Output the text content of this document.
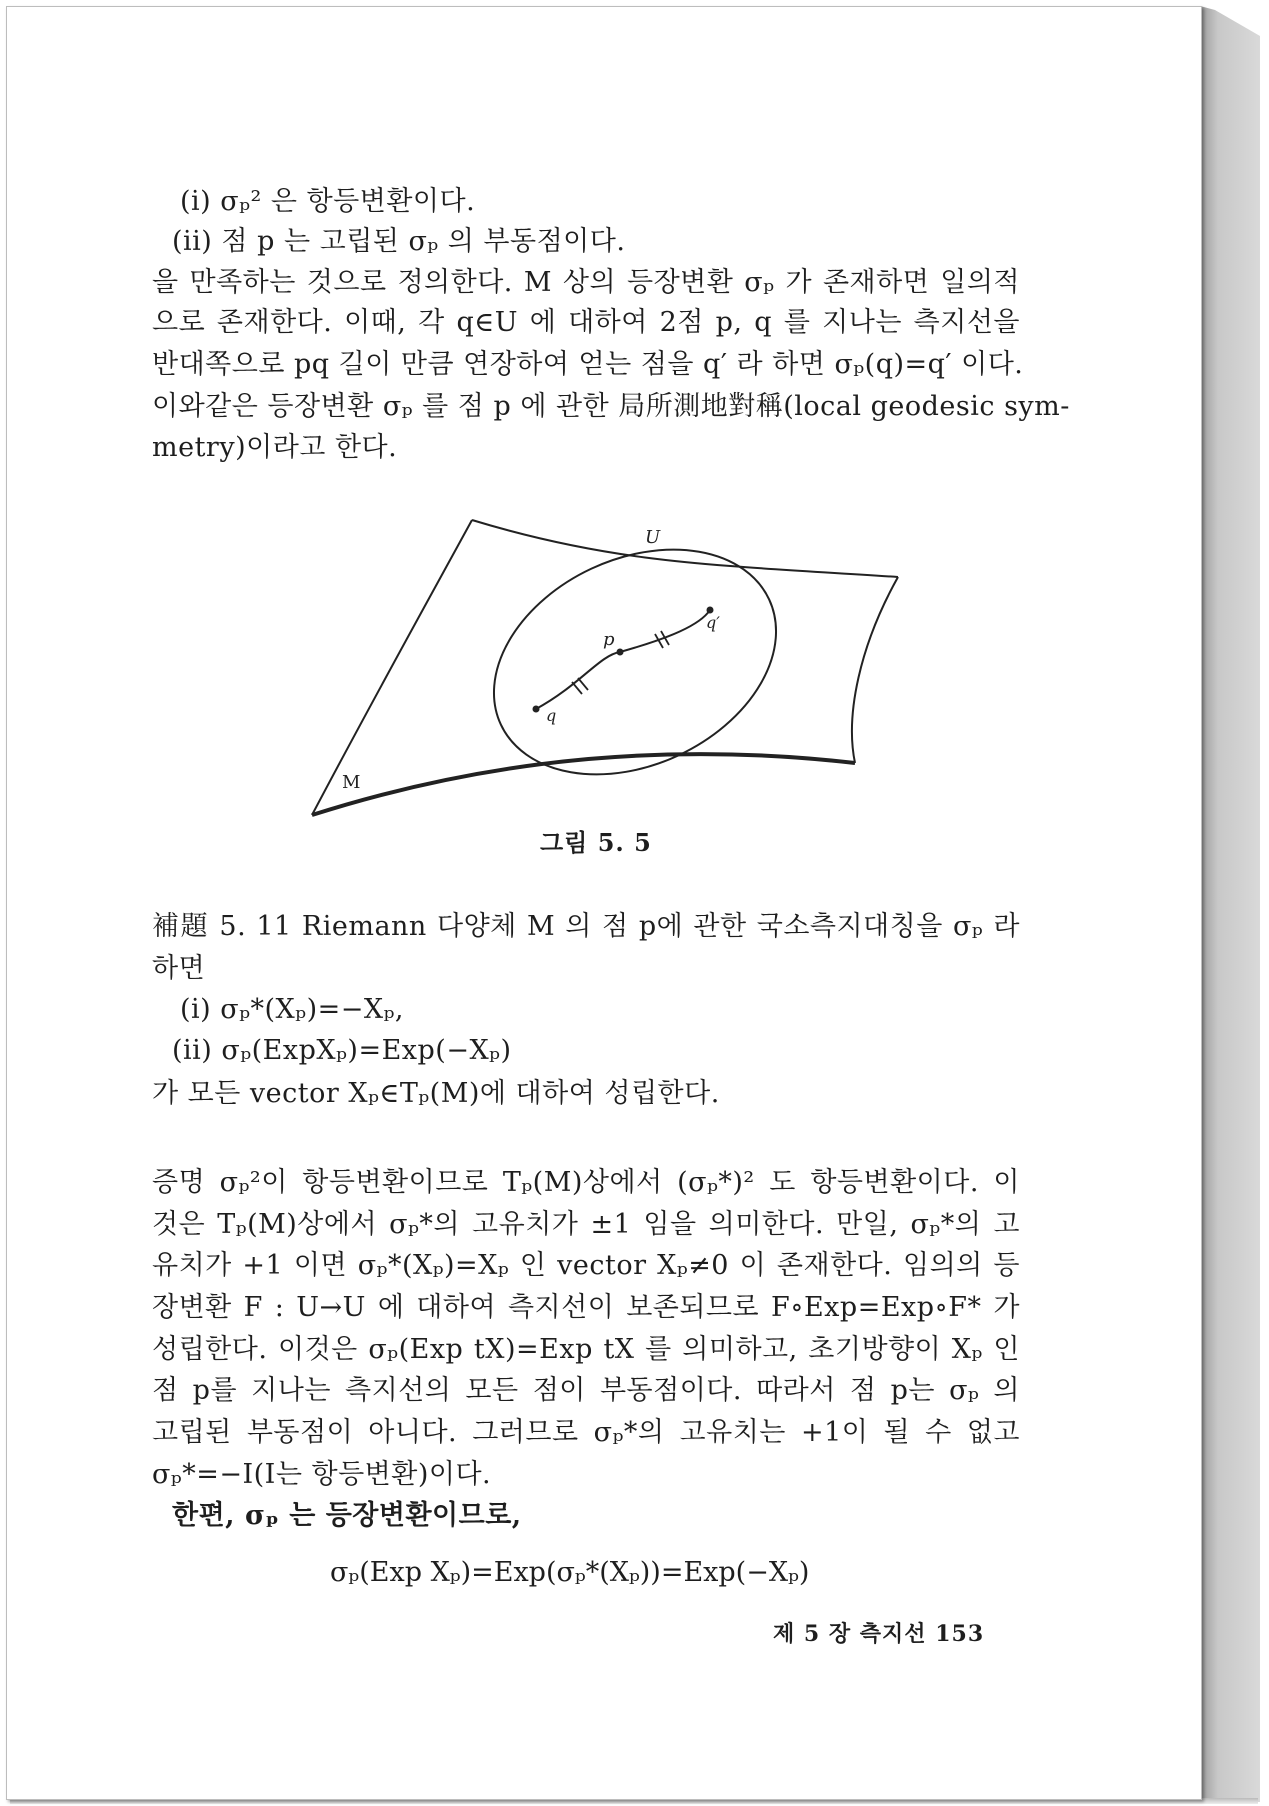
(i) σₚ² 은 항등변환이다.
(ii) 점 p 는 고립된 σₚ 의 부동점이다.
을 만족하는 것으로 정의한다. M 상의 등장변환 σₚ 가 존재하면 일의적
으로 존재한다. 이때, 각 q∈U 에 대하여 2점 p, q 를 지나는 측지선을
반대쪽으로 pq 길이 만큼 연장하여 얻는 점을 q′ 라 하면 σₚ(q)=q′ 이다.
이와같은 등장변환 σₚ 를 점 p 에 관한 局所測地對稱(local geodesic sym-
metry)이라고 한다.
U
p
q
q′
M
그림 5. 5
補題 5. 11 Riemann 다양체 M 의 점 p에 관한 국소측지대칭을 σₚ 라
하면
(i) σₚ*(Xₚ)=−Xₚ,
(ii) σₚ(ExpXₚ)=Exp(−Xₚ)
가 모든 vector Xₚ∈Tₚ(M)에 대하여 성립한다.
증명 σₚ²이 항등변환이므로 Tₚ(M)상에서 (σₚ*)² 도 항등변환이다. 이
것은 Tₚ(M)상에서 σₚ*의 고유치가 ±1 임을 의미한다. 만일, σₚ*의 고
유치가 +1 이면 σₚ*(Xₚ)=Xₚ 인 vector Xₚ≠0 이 존재한다. 임의의 등
장변환 F : U→U 에 대하여 측지선이 보존되므로 F∘Exp=Exp∘F* 가
성립한다. 이것은 σₚ(Exp tX)=Exp tX 를 의미하고, 초기방향이 Xₚ 인
점 p를 지나는 측지선의 모든 점이 부동점이다. 따라서 점 p는 σₚ 의
고립된 부동점이 아니다. 그러므로 σₚ*의 고유치는 +1이 될 수 없고
σₚ*=−I(I는 항등변환)이다.
한편, σₚ 는 등장변환이므로,
σₚ(Exp Xₚ)=Exp(σₚ*(Xₚ))=Exp(−Xₚ)
제 5 장 측지선 153
